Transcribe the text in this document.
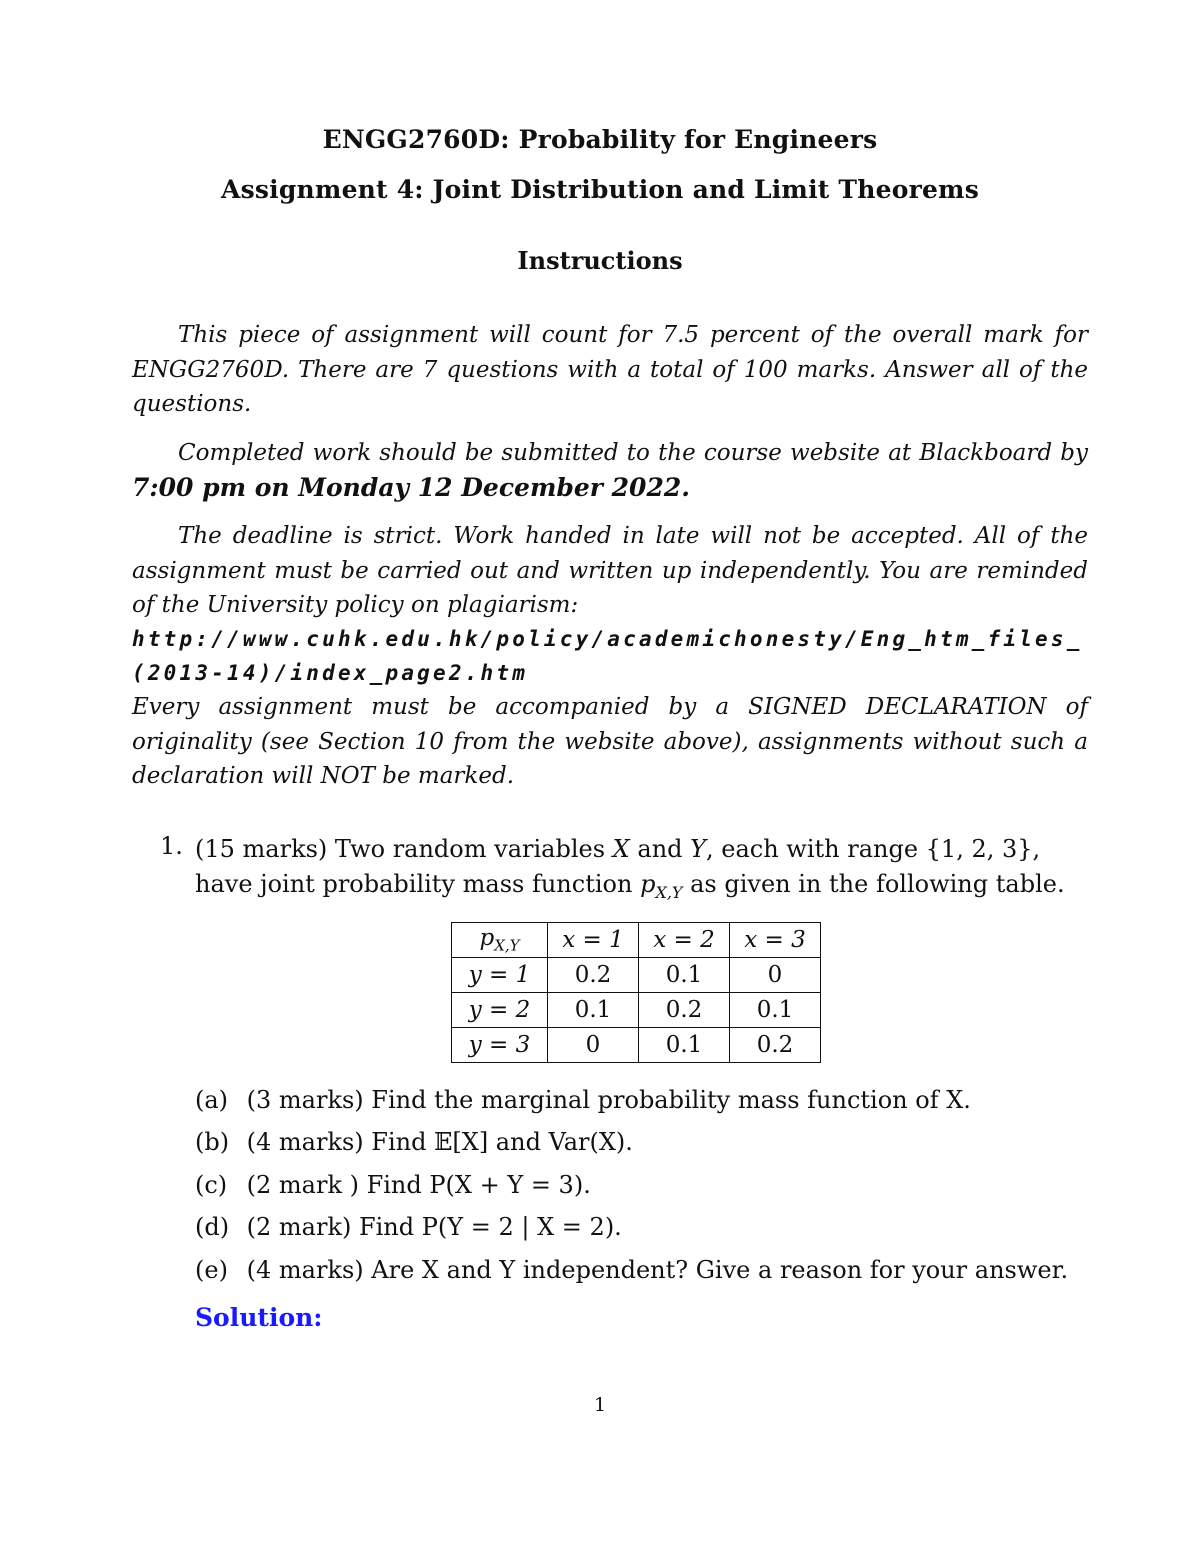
ENGG2760D: Probability for Engineers
Assignment 4: Joint Distribution and Limit Theorems
Instructions

This piece of assignment will count for 7.5 percent of the overall mark for ENGG2760D. There are 7 questions with a total of 100 marks. Answer all of the questions.

Completed work should be submitted to the course website at Blackboard by 7:00 pm on Monday 12 December 2022.

The deadline is strict. Work handed in late will not be accepted. All of the assignment must be carried out and written up independently. You are reminded of the University policy on plagiarism:

http://www.cuhk.edu.hk/policy/academichonesty/Eng_htm_files_(2013-14)/index_page2.htm

Every assignment must be accompanied by a SIGNED DECLARATION of originality (see Section 10 from the website above), assignments without such a declaration will NOT be marked.

1. (15 marks) Two random variables X and Y, each with range {1, 2, 3}, have joint probability mass function $p_{X,Y}$ as given in the following table.
$p_{X,Y}$	x = 1	x = 2	x = 3
y = 1	0.2	0.1	0
y = 2	0.1	0.2	0.1
y = 3	0	0.1	0.2
(a) (3 marks) Find the marginal probability mass function of X.
(b) (4 marks) Find 𝔼[X] and Var(X).
(c) (2 mark ) Find P(X + Y = 3).
(d) (2 mark) Find P(Y = 2 | X = 2).
(e) (4 marks) Are X and Y independent? Give a reason for your answer.
Solution:
1
